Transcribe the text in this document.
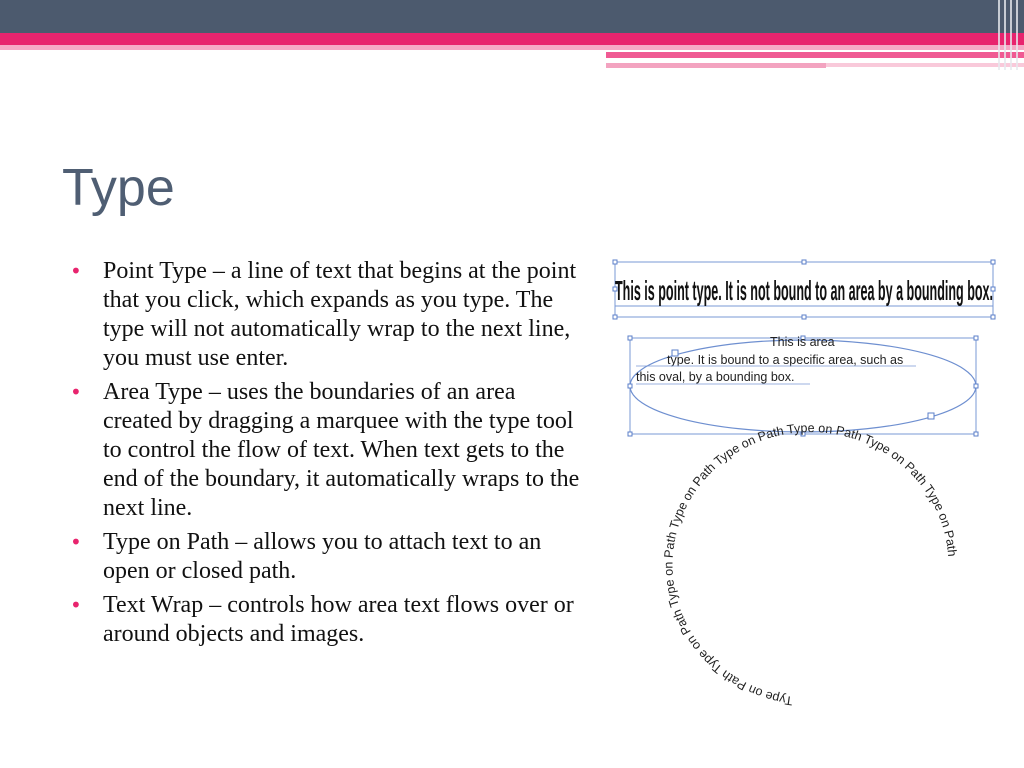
Type
• Point Type – a line of text that begins at the point that you click, which expands as you type. The type will not automatically wrap to the next line, you must use enter.
• Area Type – uses the boundaries of an area created by dragging a marquee with the type tool to control the flow of text. When text gets to the end of the boundary, it automatically wraps to the next line.
• Type on Path – allows you to attach text to an open or closed path.
• Text Wrap – controls how area text flows over or around objects and images.
This is point type. It is not bound to an area by a bounding box.
This is area type. It is bound to a specific area, such as this oval, by a bounding box.
Type on Path Type on Path Type on Path Type on Path Type on Path Type on Path Type on Path Type on Path
